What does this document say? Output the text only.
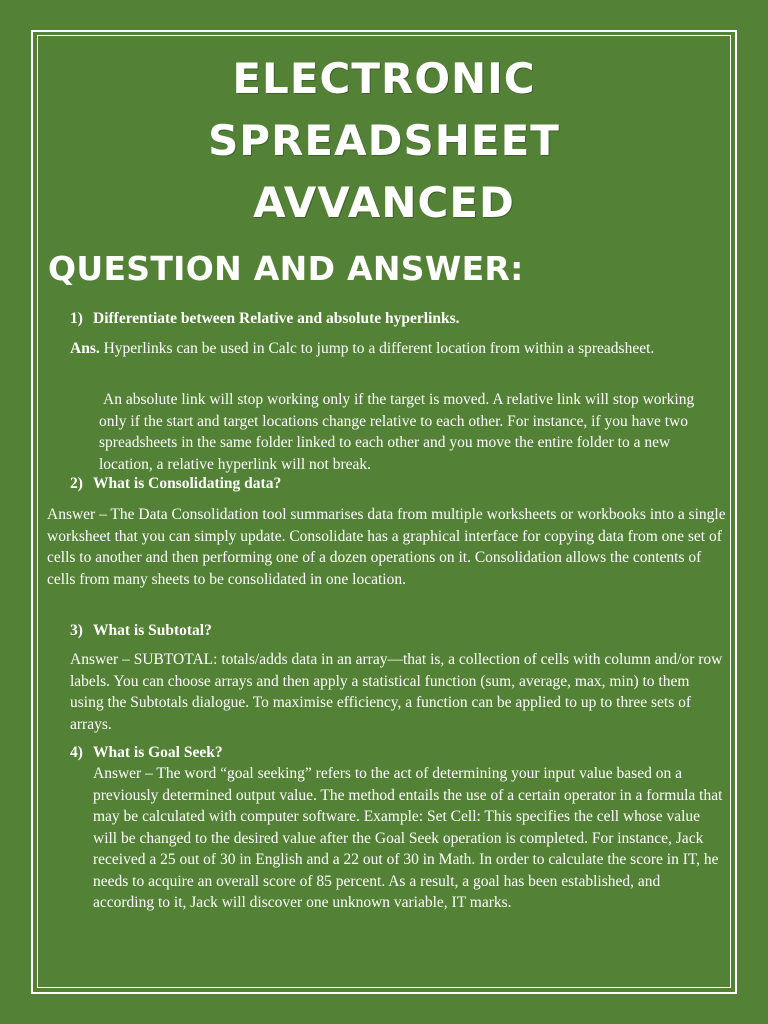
ELECTRONIC
SPREADSHEET
AVVANCED
QUESTION AND ANSWER:

1) Differentiate between Relative and absolute hyperlinks.

Ans. Hyperlinks can be used in Calc to jump to a different location from within a spreadsheet.

An absolute link will stop working only if the target is moved. A relative link will stop working only if the start and target locations change relative to each other. For instance, if you have two spreadsheets in the same folder linked to each other and you move the entire folder to a new location, a relative hyperlink will not break.

2) What is Consolidating data?

Answer – The Data Consolidation tool summarises data from multiple worksheets or workbooks into a single worksheet that you can simply update. Consolidate has a graphical interface for copying data from one set of cells to another and then performing one of a dozen operations on it. Consolidation allows the contents of cells from many sheets to be consolidated in one location.

3) What is Subtotal?

Answer – SUBTOTAL: totals/adds data in an array—that is, a collection of cells with column and/or row labels. You can choose arrays and then apply a statistical function (sum, average, max, min) to them using the Subtotals dialogue. To maximise efficiency, a function can be applied to up to three sets of arrays.

4) What is Goal Seek?

Answer – The word “goal seeking” refers to the act of determining your input value based on a previously determined output value. The method entails the use of a certain operator in a formula that may be calculated with computer software. Example: Set Cell: This specifies the cell whose value will be changed to the desired value after the Goal Seek operation is completed. For instance, Jack received a 25 out of 30 in English and a 22 out of 30 in Math. In order to calculate the score in IT, he needs to acquire an overall score of 85 percent. As a result, a goal has been established, and according to it, Jack will discover one unknown variable, IT marks.
